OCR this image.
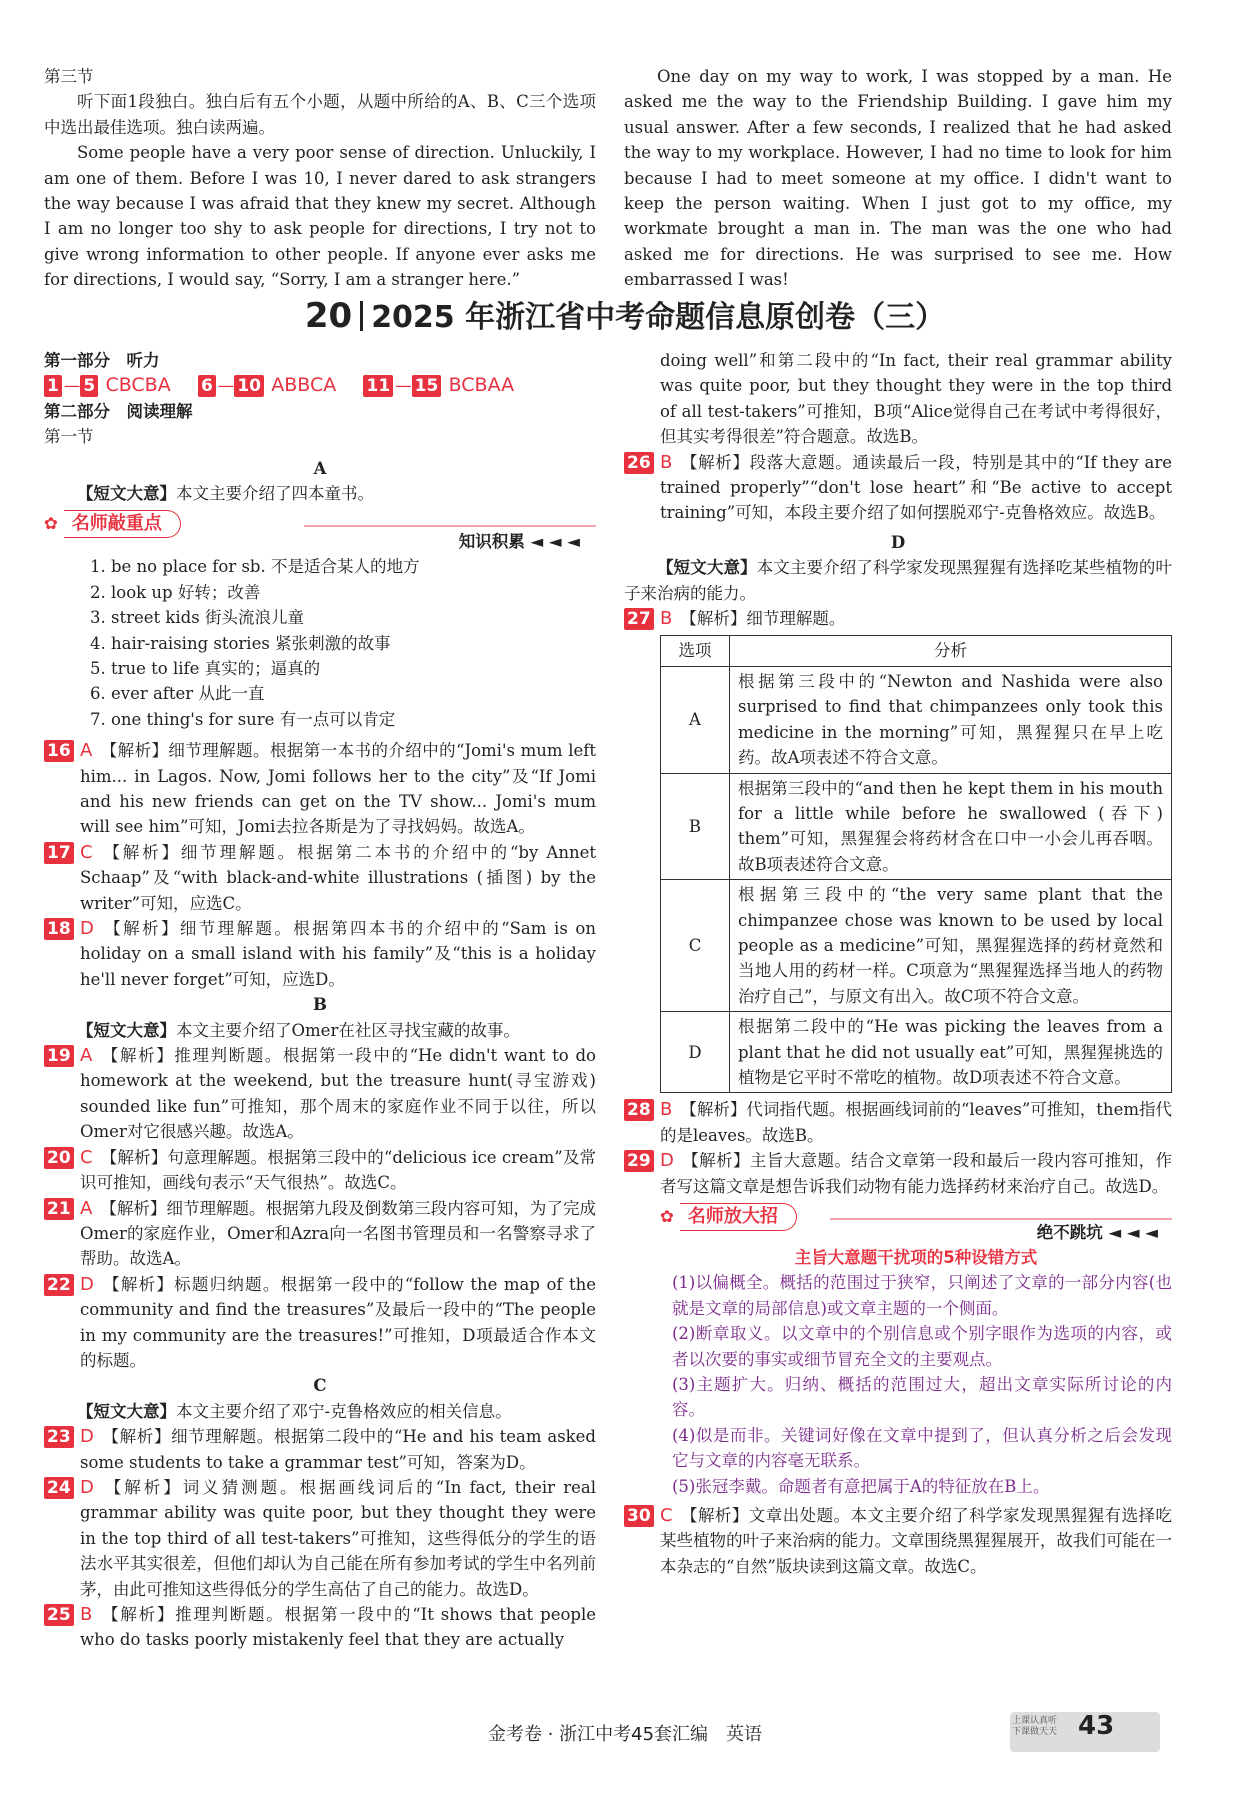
第三节

听下面1段独白。独白后有五个小题，从题中所给的A、B、C三个选项中选出最佳选项。独白读两遍。

Some people have a very poor sense of direction. Unluckily, I am one of them. Before I was 10, I never dared to ask strangers the way because I was afraid that they knew my secret. Although I am no longer too shy to ask people for directions, I try not to give wrong information to other people. If anyone ever asks me for directions, I would say, “Sorry, I am a stranger here.”

One day on my way to work, I was stopped by a man. He asked me the way to the Friendship Building. I gave him my usual answer. After a few seconds, I realized that he had asked the way to my workplace. However, I had no time to look for him because I had to meet someone at my office. I didn't want to keep the person waiting. When I just got to my office, my workmate brought a man in. The man was the one who had asked me for directions. He was surprised to see me. How embarrassed I was!

20 2025 年浙江省中考命题信息原创卷（三）

第一部分　听力

1 — 5 CBCBA 6 — 10 ABBCA 11 — 15 BCBAA

第二部分　阅读理解

第一节

A

【短文大意】本文主要介绍了四本童书。

✿ 名师敲重点

知识积累 ◄ ◄ ◄

1. be no place for sb. 不是适合某人的地方

2. look up 好转；改善

3. street kids 街头流浪儿童

4. hair-raising stories 紧张刺激的故事

5. true to life 真实的；逼真的

6. ever after 从此一直

7. one thing's for sure 有一点可以肯定

16 A 【解析】细节理解题。根据第一本书的介绍中的“Jomi's mum left him... in Lagos. Now, Jomi follows her to the city”及“If Jomi and his new friends can get on the TV show... Jomi's mum will see him”可知，Jomi去拉各斯是为了寻找妈妈。故选A。
17 C 【解析】细节理解题。根据第二本书的介绍中的“by Annet Schaap”及“with black-and-white illustrations (插图) by the writer”可知，应选C。
18 D 【解析】细节理解题。根据第四本书的介绍中的“Sam is on holiday on a small island with his family”及“this is a holiday he'll never forget”可知，应选D。

B

【短文大意】本文主要介绍了Omer在社区寻找宝藏的故事。

19 A 【解析】推理判断题。根据第一段中的“He didn't want to do homework at the weekend, but the treasure hunt(寻宝游戏) sounded like fun”可推知，那个周末的家庭作业不同于以往，所以Omer对它很感兴趣。故选A。
20 C 【解析】句意理解题。根据第三段中的“delicious ice cream”及常识可推知，画线句表示“天气很热”。故选C。
21 A 【解析】细节理解题。根据第九段及倒数第三段内容可知，为了完成Omer的家庭作业，Omer和Azra向一名图书管理员和一名警察寻求了帮助。故选A。
22 D 【解析】标题归纳题。根据第一段中的“follow the map of the community and find the treasures”及最后一段中的“The people in my community are the treasures!”可推知，D项最适合作本文的标题。

C

【短文大意】本文主要介绍了邓宁-克鲁格效应的相关信息。

23 D 【解析】细节理解题。根据第二段中的“He and his team asked some students to take a grammar test”可知，答案为D。
24 D 【解析】词义猜测题。根据画线词后的“In fact, their real grammar ability was quite poor, but they thought they were in the top third of all test-takers”可推知，这些得低分的学生的语法水平其实很差，但他们却认为自己能在所有参加考试的学生中名列前茅，由此可推知这些得低分的学生高估了自己的能力。故选D。
25 B 【解析】推理判断题。根据第一段中的“It shows that people who do tasks poorly mistakenly feel that they are actually

doing well”和第二段中的“In fact, their real grammar ability was quite poor, but they thought they were in the top third of all test-takers”可推知，B项“Alice觉得自己在考试中考得很好，但其实考得很差”符合题意。故选B。

26 B 【解析】段落大意题。通读最后一段，特别是其中的“If they are trained properly”“don't lose heart”和“Be active to accept training”可知，本段主要介绍了如何摆脱邓宁-克鲁格效应。故选B。

D

【短文大意】本文主要介绍了科学家发现黑猩猩有选择吃某些植物的叶子来治病的能力。

27 B 【解析】细节理解题。
选项	分析
A	根据第三段中的“Newton and Nashida were also surprised to find that chimpanzees only took this medicine in the morning”可知，黑猩猩只在早上吃药。故A项表述不符合文意。
B	根据第三段中的“and then he kept them in his mouth for a little while before he swallowed (吞下) them”可知，黑猩猩会将药材含在口中一小会儿再吞咽。故B项表述符合文意。
C	根据第三段中的“the very same plant that the chimpanzee chose was known to be used by local people as a medicine”可知，黑猩猩选择的药材竟然和当地人用的药材一样。C项意为“黑猩猩选择当地人的药物治疗自己”，与原文有出入。故C项不符合文意。
D	根据第二段中的“He was picking the leaves from a plant that he did not usually eat”可知，黑猩猩挑选的植物是它平时不常吃的植物。故D项表述不符合文意。
28 B 【解析】代词指代题。根据画线词前的“leaves”可推知，them指代的是leaves。故选B。
29 D 【解析】主旨大意题。结合文章第一段和最后一段内容可推知，作者写这篇文章是想告诉我们动物有能力选择药材来治疗自己。故选D。
✿ 名师放大招

绝不跳坑 ◄ ◄ ◄

主旨大意题干扰项的5种设错方式

(1)以偏概全。概括的范围过于狭窄，只阐述了文章的一部分内容(也就是文章的局部信息)或文章主题的一个侧面。

(2)断章取义。以文章中的个别信息或个别字眼作为选项的内容，或者以次要的事实或细节冒充全文的主要观点。

(3)主题扩大。归纳、概括的范围过大，超出文章实际所讨论的内容。

(4)似是而非。关键词好像在文章中提到了，但认真分析之后会发现它与文章的内容毫无联系。

(5)张冠李戴。命题者有意把属于A的特征放在B上。

30 C 【解析】文章出处题。本文主要介绍了科学家发现黑猩猩有选择吃某些植物的叶子来治病的能力。文章围绕黑猩猩展开，故我们可能在一本杂志的“自然”版块读到这篇文章。故选C。
金考卷 · 浙江中考45套汇编　英语
上课认真听
下课做天天 43
